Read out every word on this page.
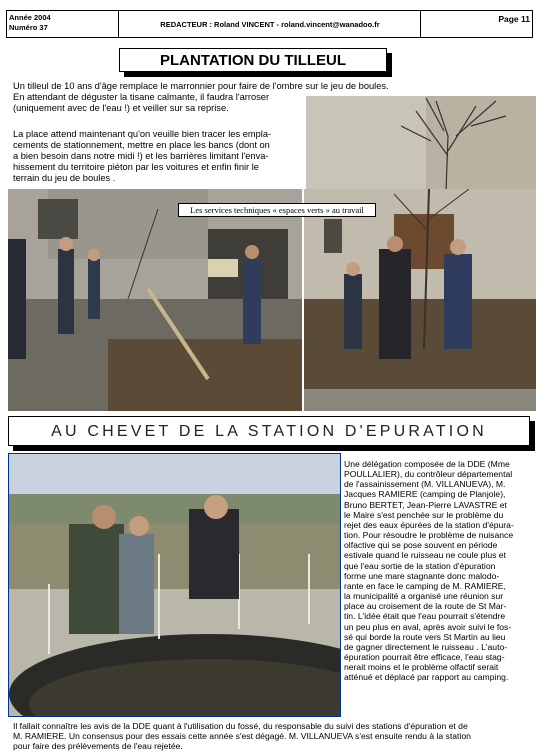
Année 2004
Numéro 37	REDACTEUR : Roland VINCENT - roland.vincent@wanadoo.fr
Page 11
PLANTATION DU TILLEUL
Un tilleul de 10 ans d'âge remplace le marronnier pour faire de l'ombre sur le jeu de boules.
En attendant de déguster la tisane calmante, il faudra l'arroser
(uniquement avec de l'eau !) et veiller sur sa reprise.
La place attend maintenant qu'on veuille bien tracer les empla-
cements de stationnement, mettre en place les bancs (dont on
a bien besoin dans notre midi !) et les barrières limitant l'enva-
hissement du territoire piéton par les voitures et enfin finir le
terrain du jeu de boules .
Les services techniques « espaces verts » au travail
AU CHEVET DE LA STATION D'EPURATION
Une délégation composée de la DDE (Mme
POULLALIER), du contrôleur départemental
de l'assainissement (M. VILLANUEVA), M.
Jacques RAMIERE (camping de Planjole),
Bruno BERTET, Jean-Pierre LAVASTRE et
le Maire s'est penchée sur le problème du
rejet des eaux épurées de la station d'épura-
tion. Pour résoudre le problème de nuisance
olfactive qui se pose souvent en période
estivale quand le ruisseau ne coule plus et
que l'eau sortie de la station d'épuration
forme une mare stagnante donc malodo-
rante en face le camping de M. RAMIERE,
la municipalité a organisé une réunion sur
place au croisement de la route de St Mar-
tin. L'idée était que l'eau pourrait s'étendre
un peu plus en aval, après avoir suivi le fos-
sé qui borde la route vers St Martin au lieu
de gagner directement le ruisseau . L'auto-
épuration pourrait être efficace, l'eau stag-
nerait moins et le problème olfactif serait
atténué et déplacé par rapport au camping.
Il fallait connaître les avis de la DDE quant à l'utilisation du fossé, du responsable du suivi des stations d'épuration et de
M. RAMIERE. Un consensus pour des essais cette année s'est dégagé. M. VILLANUEVA s'est ensuite rendu à la station
pour faire des prélèvements de l'eau rejetée.
